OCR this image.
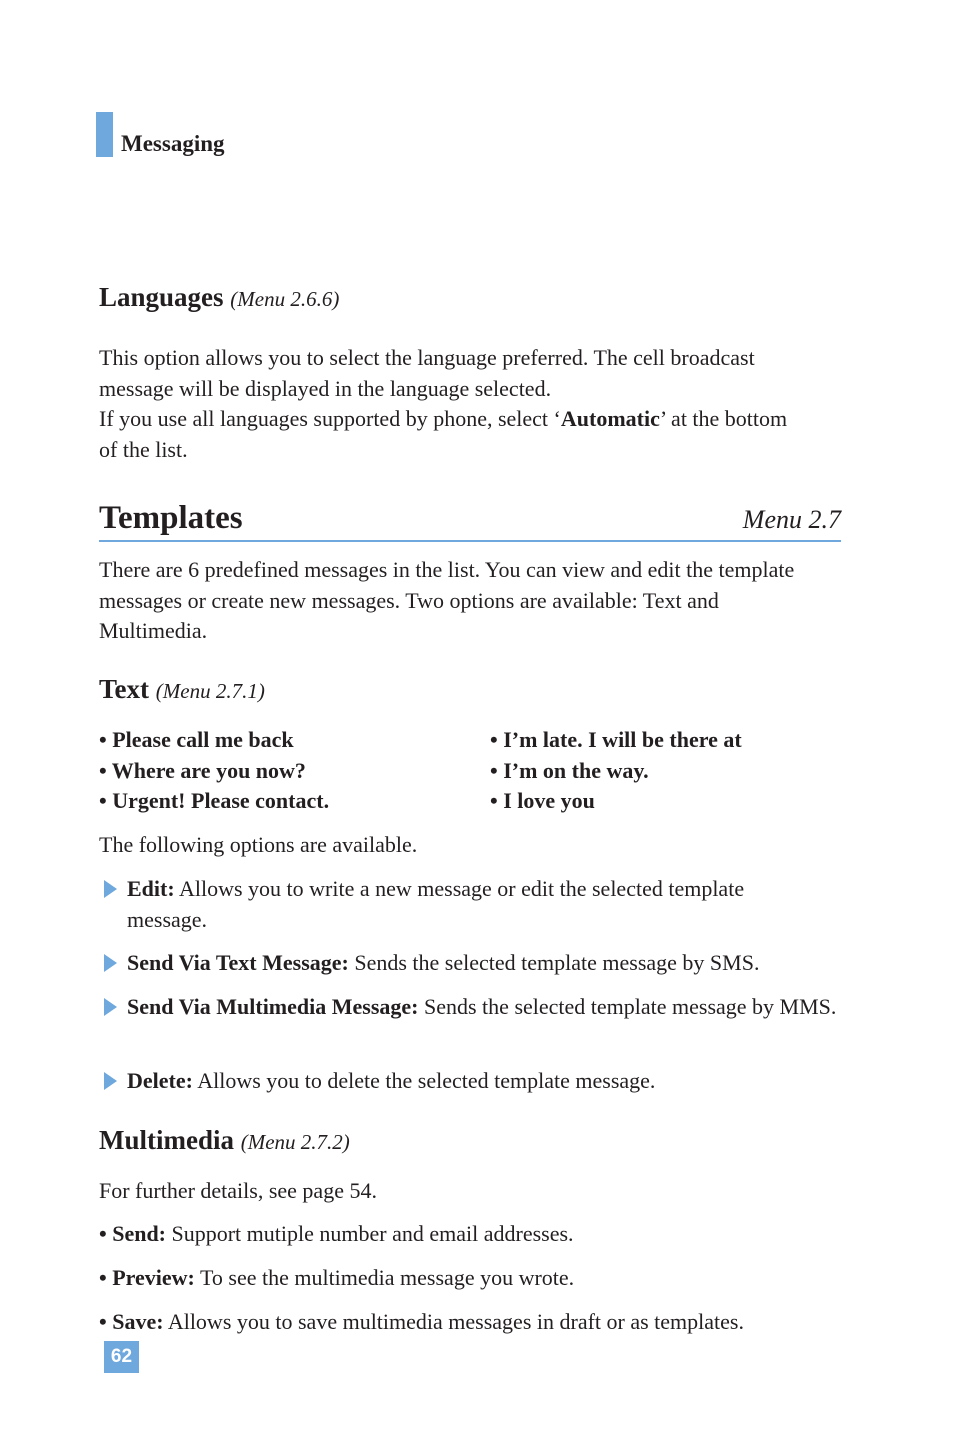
Messaging
Languages (Menu 2.6.6)

This option allows you to select the language preferred. The cell broadcast message will be displayed in the language selected.

If you use all languages supported by phone, select ‘Automatic’ at the bottom of the list.

Templates	Menu 2.7
There are 6 predefined messages in the list. You can view and edit the template messages or create new messages. Two options are available: Text and Multimedia.
Text (Menu 2.7.1)
• Please call me back
• Where are you now?
• Urgent! Please contact.
• I’m late. I will be there at
• I’m on the way.
• I love you
The following options are available.
Edit: Allows you to write a new message or edit the selected template message.
Send Via Text Message: Sends the selected template message by SMS.
Send Via Multimedia Message: Sends the selected template message by MMS.
Delete: Allows you to delete the selected template message.
Multimedia (Menu 2.7.2)
For further details, see page 54.
• Send: Support mutiple number and email addresses.
• Preview: To see the multimedia message you wrote.
• Save: Allows you to save multimedia messages in draft or as templates.
62
